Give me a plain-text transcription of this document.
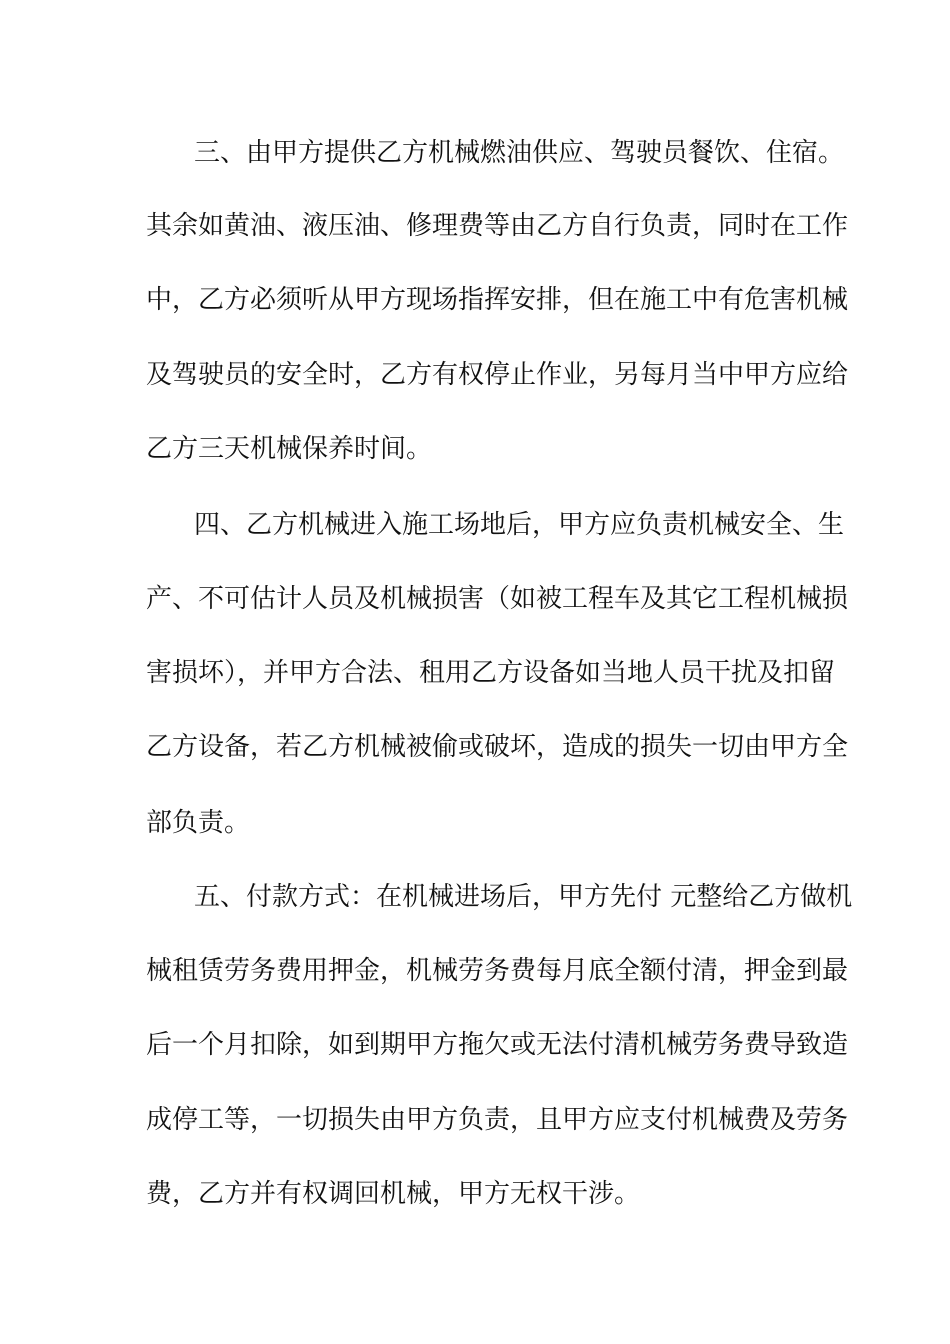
三、由甲方提供乙方机械燃油供应、驾驶员餐饮、住宿。
其余如黄油、液压油、修理费等由乙方自行负责，同时在工作
中，乙方必须听从甲方现场指挥安排，但在施工中有危害机械
及驾驶员的安全时，乙方有权停止作业，另每月当中甲方应给
乙方三天机械保养时间。
四、乙方机械进入施工场地后，甲方应负责机械安全、生
产、不可估计人员及机械损害（如被工程车及其它工程机械损
害损坏），并甲方合法、租用乙方设备如当地人员干扰及扣留
乙方设备，若乙方机械被偷或破坏，造成的损失一切由甲方全
部负责。
五、付款方式：在机械进场后，甲方先付 元整给乙方做机
械租赁劳务费用押金，机械劳务费每月底全额付清，押金到最
后一个月扣除，如到期甲方拖欠或无法付清机械劳务费导致造
成停工等，一切损失由甲方负责，且甲方应支付机械费及劳务
费，乙方并有权调回机械，甲方无权干涉。
